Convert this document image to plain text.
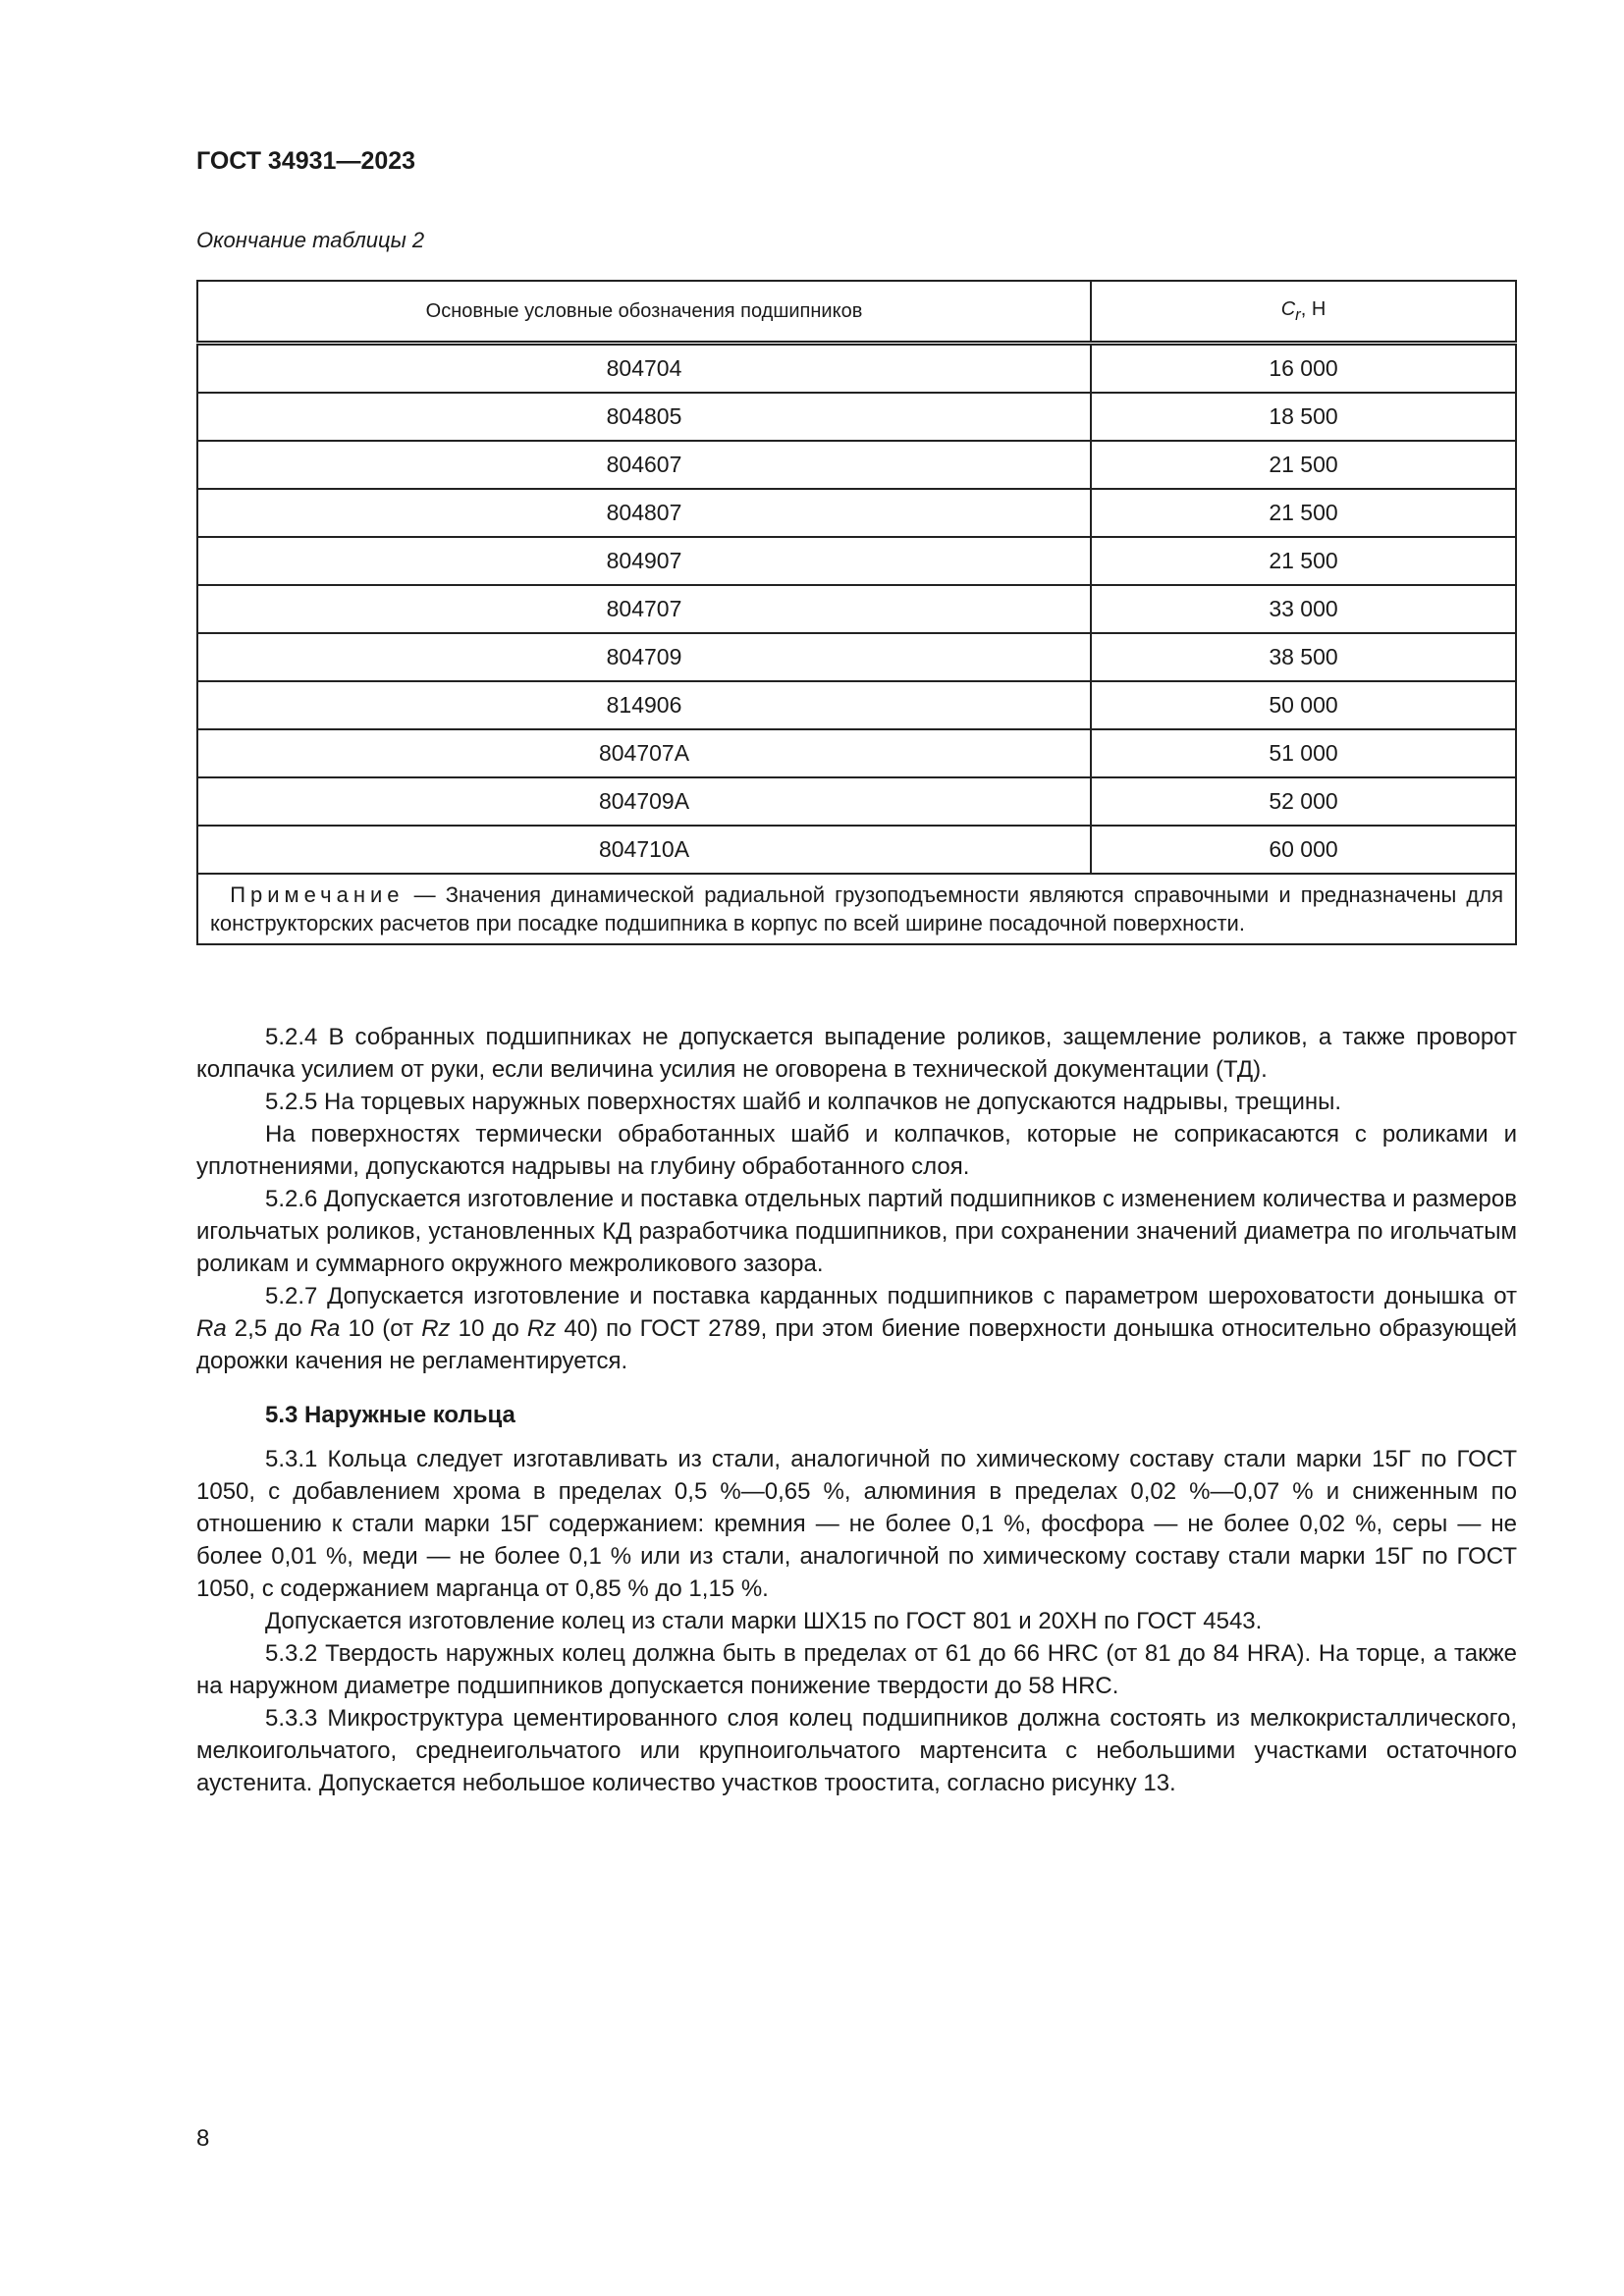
ГОСТ 34931—2023
Окончание таблицы 2
Основные условные обозначения подшипников	$C_r$, Н
804704	16 000
804805	18 500
804607	21 500
804807	21 500
804907	21 500
804707	33 000
804709	38 500
814906	50 000
804707А	51 000
804709А	52 000
804710А	60 000
Примечание — Значения динамической радиальной грузоподъемности являются справочными и предназначены для конструкторских расчетов при посадке подшипника в корпус по всей ширине посадочной поверхности.	

5.2.4 В собранных подшипниках не допускается выпадение роликов, защемление роликов, а также проворот колпачка усилием от руки, если величина усилия не оговорена в технической документации (ТД).

5.2.5 На торцевых наружных поверхностях шайб и колпачков не допускаются надрывы, трещины.

На поверхностях термически обработанных шайб и колпачков, которые не соприкасаются с роликами и уплотнениями, допускаются надрывы на глубину обработанного слоя.

5.2.6 Допускается изготовление и поставка отдельных партий подшипников с изменением количества и размеров игольчатых роликов, установленных КД разработчика подшипников, при сохранении значений диаметра по игольчатым роликам и суммарного окружного межроликового зазора.

5.2.7 Допускается изготовление и поставка карданных подшипников с параметром шероховатости донышка от Ra 2,5 до Ra 10 (от Rz 10 до Rz 40) по ГОСТ 2789, при этом биение поверхности донышка относительно образующей дорожки качения не регламентируется.

5.3 Наружные кольца

5.3.1 Кольца следует изготавливать из стали, аналогичной по химическому составу стали марки 15Г по ГОСТ 1050, с добавлением хрома в пределах 0,5 %—0,65 %, алюминия в пределах 0,02 %—0,07 % и сниженным по отношению к стали марки 15Г содержанием: кремния — не более 0,1 %, фосфора — не более 0,02 %, серы — не более 0,01 %, меди — не более 0,1 % или из стали, аналогичной по химическому составу стали марки 15Г по ГОСТ 1050, с содержанием марганца от 0,85 % до 1,15 %.

Допускается изготовление колец из стали марки ШХ15 по ГОСТ 801 и 20ХН по ГОСТ 4543.

5.3.2 Твердость наружных колец должна быть в пределах от 61 до 66 HRC (от 81 до 84 HRA). На торце, а также на наружном диаметре подшипников допускается понижение твердости до 58 HRC.

5.3.3 Микроструктура цементированного слоя колец подшипников должна состоять из мелкокристаллического, мелкоигольчатого, среднеигольчатого или крупноигольчатого мартенсита с небольшими участками остаточного аустенита. Допускается небольшое количество участков троостита, согласно рисунку 13.

8
